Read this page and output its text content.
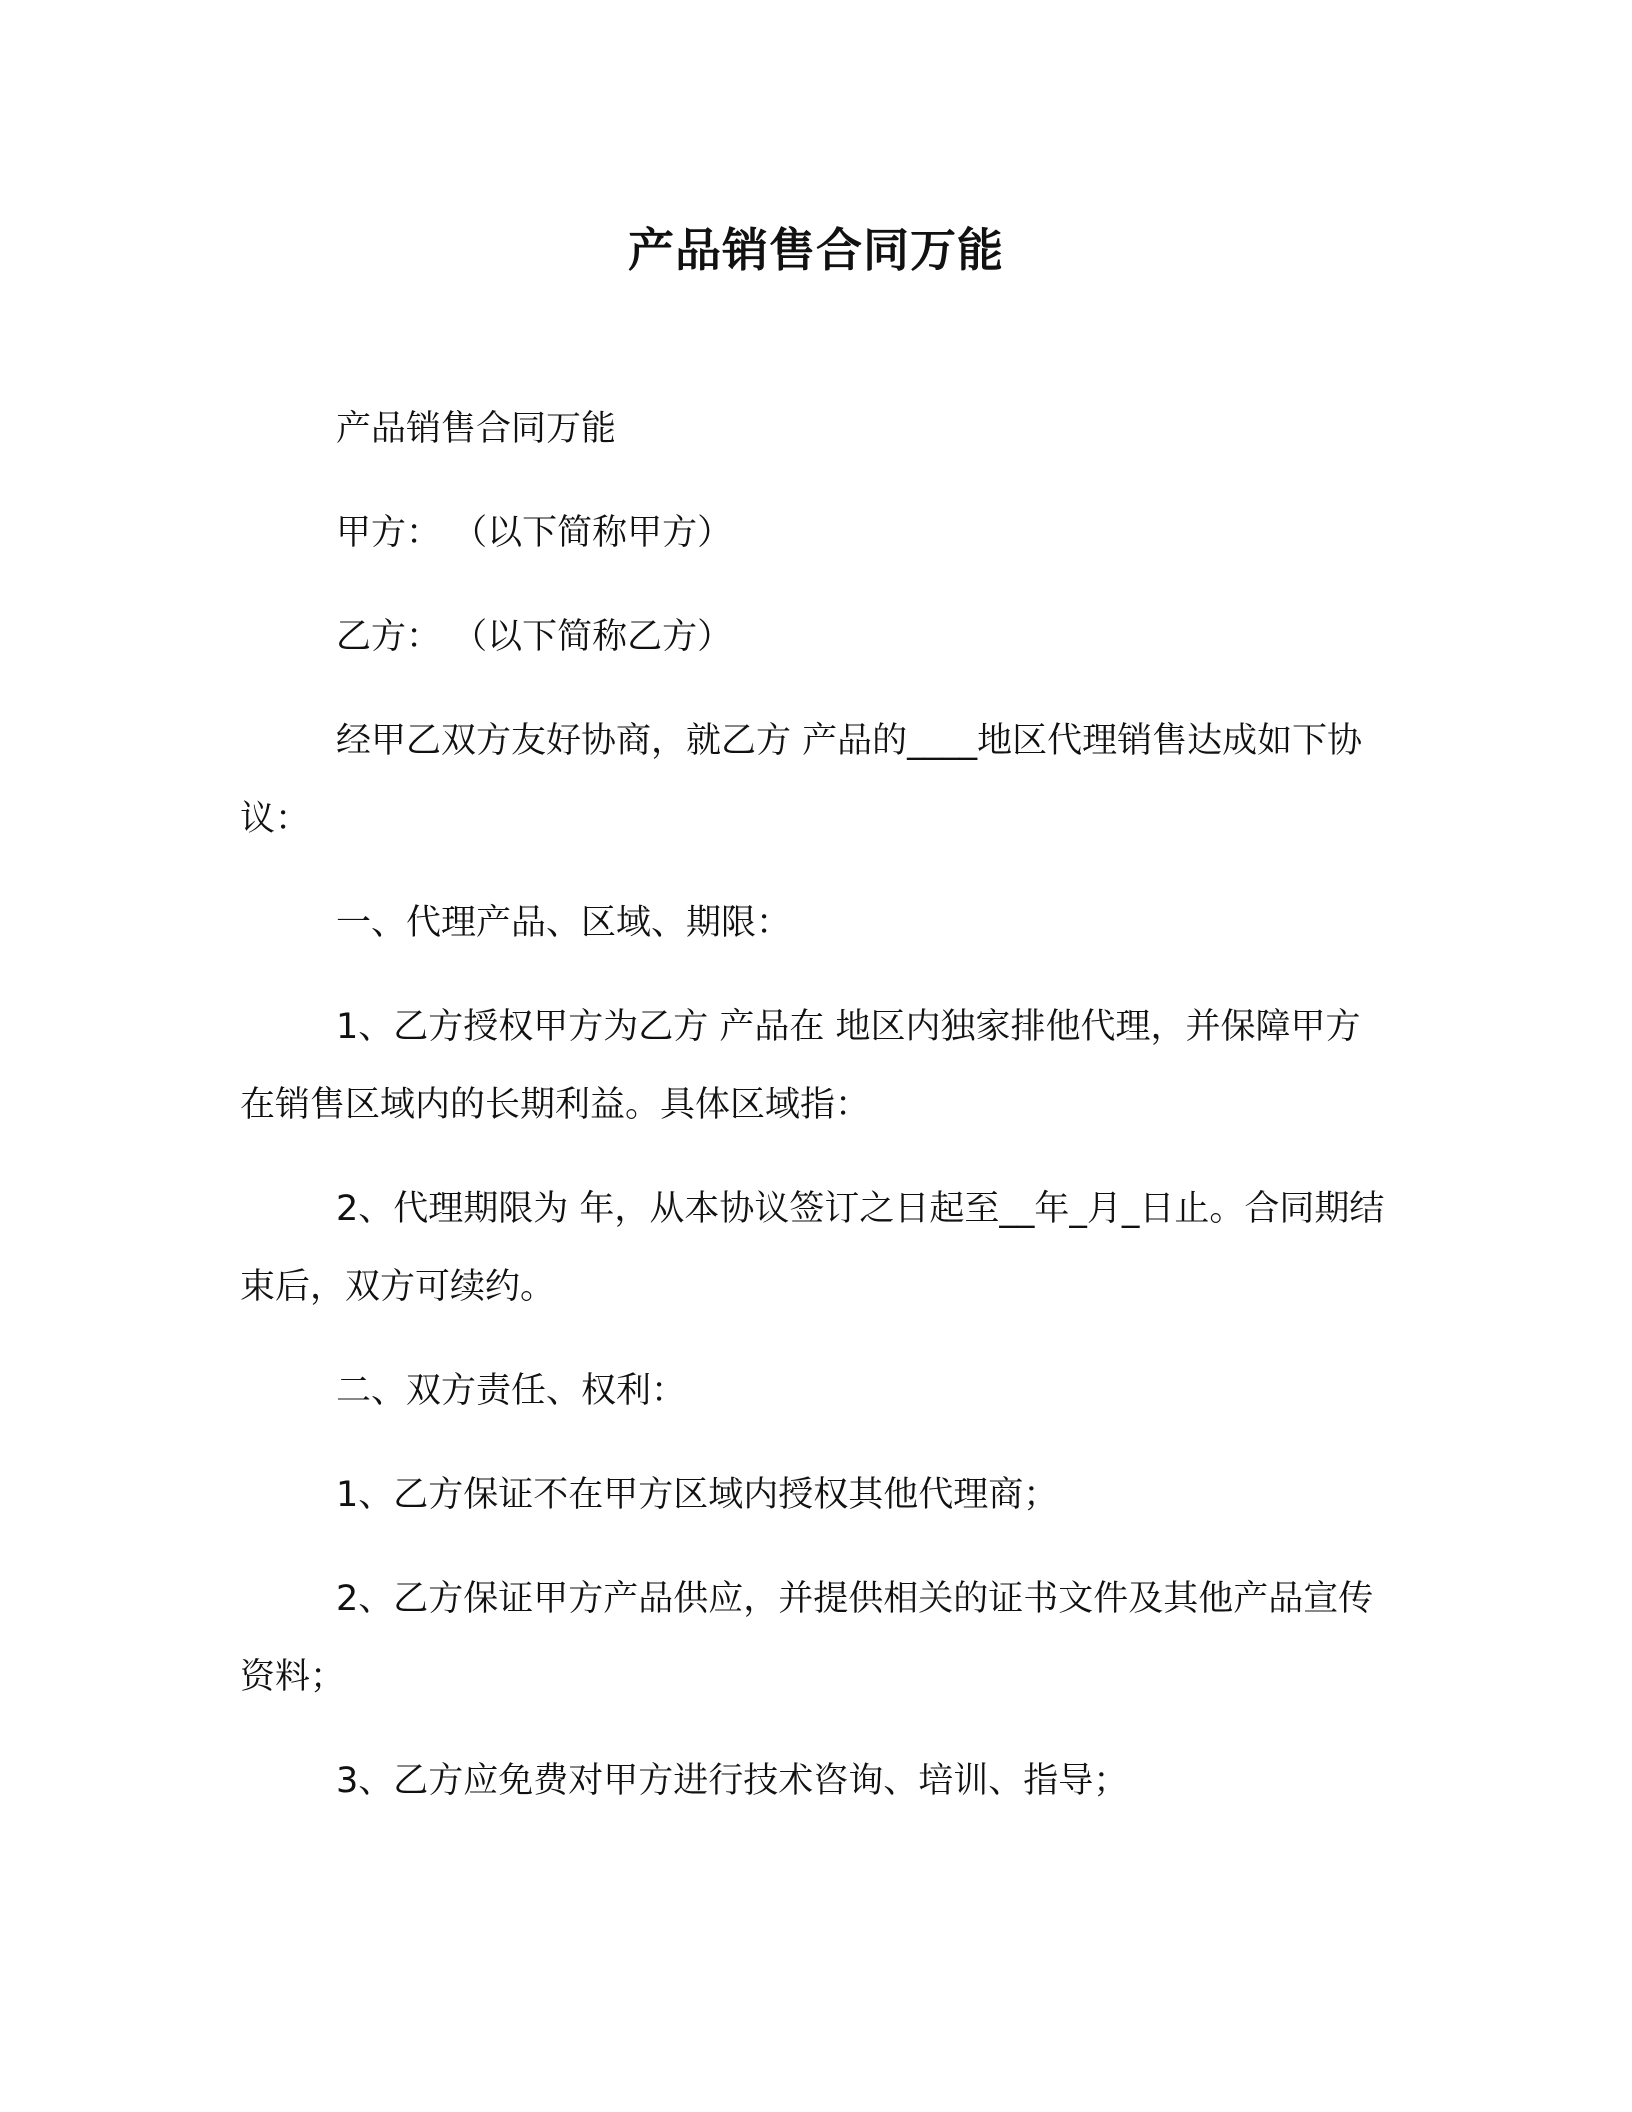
产品销售合同万能

产品销售合同万能

甲方： （以下简称甲方）

乙方： （以下简称乙方）

经甲乙双方友好协商，就乙方 产品的____地区代理销售达成如下协议：

一、代理产品、区域、期限：

1、乙方授权甲方为乙方 产品在 地区内独家排他代理，并保障甲方在销售区域内的长期利益。具体区域指：

2、代理期限为 年，从本协议签订之日起至__年_月_日止。合同期结束后，双方可续约。

二、双方责任、权利：

1、乙方保证不在甲方区域内授权其他代理商；

2、乙方保证甲方产品供应，并提供相关的证书文件及其他产品宣传资料；

3、乙方应免费对甲方进行技术咨询、培训、指导；
